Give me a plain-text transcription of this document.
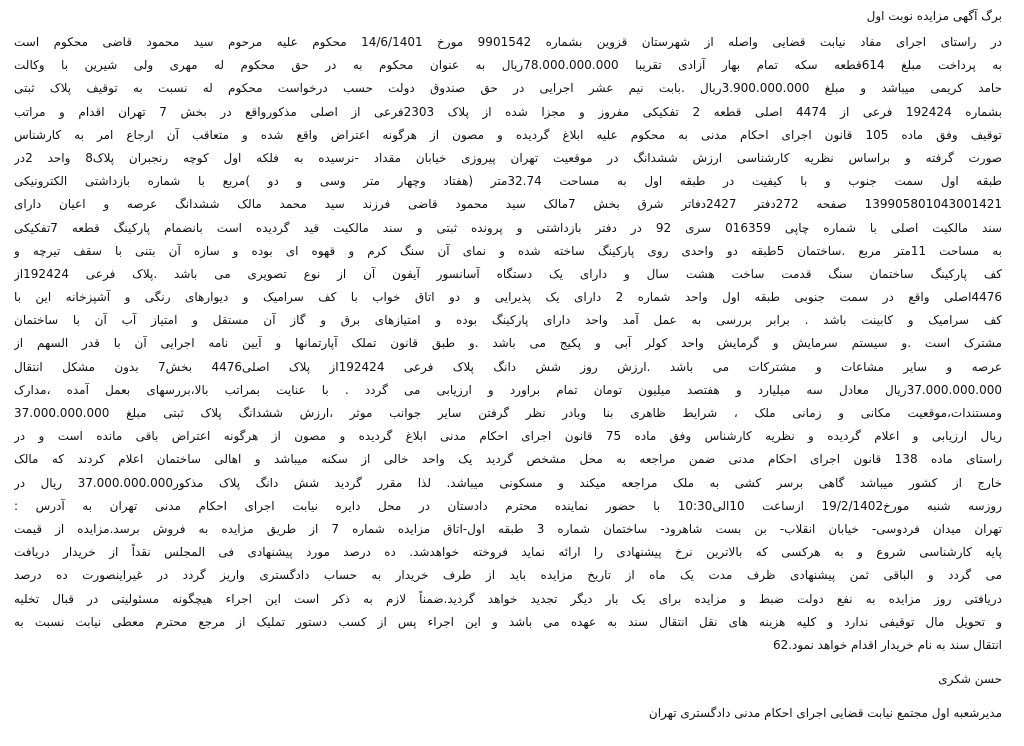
برگ آگهی مزایده نوبت اول
در راستای اجرای مفاد نیابت قضایی واصله از شهرستان قزوین بشماره 9901542 مورخ 14/6/1401 محکوم علیه مرحوم سید محمود قاضی محکوم است
به پرداخت مبلغ 614قطعه سکه تمام بهار آزادی تقریبا 78.000.000.000ریال به عنوان محکوم به در حق محکوم له مهری ولی شیرین با وکالت
حامد کریمی میباشد و مبلغ 3.900.000.000ریال .بابت نیم عشر اجرایی در حق صندوق دولت حسب درخواست محکوم له نسبت به توقیف پلاک ثبتی
بشماره 192424 فرعی از 4474 اصلی قطعه 2 تفکیکی مفروز و مجزا شده از پلاک 2303فرعی از اصلی مذکورواقع در بخش 7 تهران اقدام و مراتب
توقیف وفق ماده 105 قانون اجرای احکام مدنی به محکوم علیه ابلاغ گردیده و مصون از هرگونه اعتراض واقع شده و متعاقب آن ارجاع امر به کارشناس
صورت گرفته و براساس نظریه کارشناسی ارزش ششدانگ در موقعیت تهران پیروزی خیابان مقداد -نرسیده به فلکه اول کوچه رنجبران پلاک8 واحد 2در
طبقه اول سمت جنوب و با کیفیت در طبقه اول به مساحت 32.74متر (هفتاد وچهار متر وسی و دو )مربع با شماره بازداشتی الکترونیکی
139905801043001421 صفحه 272دفتر 2427دفاتر شرق بخش 7مالک سید محمود قاضی فرزند سید محمد مالک ششدانگ عرصه و اعیان دارای
سند مالکیت اصلی با شماره چاپی 016359 سری 92 در دفتر بازداشتی و پرونده ثبتی و سند مالکیت قید گردیده است بانضمام پارکینگ قطعه 7تفکیکی
به مساحت 11متر مربع .ساختمان 5طبقه دو واحدی روی پارکینگ ساخته شده و نمای آن سنگ کرم و قهوه ای بوده و سازه آن بتنی با سقف تیرچه و
کف پارکینگ ساختمان سنگ قدمت ساخت هشت سال و دارای یک دستگاه آسانسور آیفون آن از نوع تصویری می باشد .پلاک فرعی 192424از
4476اصلی واقع در سمت جنوبی طبقه اول واحد شماره 2 دارای یک پذیرایی و دو اتاق خواب با کف سرامیک و دیوارهای رنگی و آشپزخانه این با
کف سرامیک و کابینت باشد . برابر بررسی به عمل آمد واحد دارای پارکینگ بوده و امتیازهای برق و گاز آن مستقل و امتیاز آب آن با ساختمان
مشترک است .و سیستم سرمایش و گرمایش واحد کولر آبی و پکیج می باشد .و طبق قانون تملک آپارتمانها و آیین نامه اجرایی آن با قدر السهم از
عرصه و سایر مشاعات و مشترکات می باشد .ارزش روز شش دانگ پلاک فرعی 192424از پلاک اصلی4476 بخش7 بدون مشکل انتقال
37.000.000.000ریال معادل سه میلیارد و هفتصد میلیون تومان تمام براورد و ارزیابی می گردد . با عنایت بمراتب بالا،بررسهای بعمل آمده ،مدارک
ومستندات،موقعیت مکانی و زمانی ملک ، شرایط ظاهری بنا وبادر نظر گرفتن سایر جوانب موثر ،ارزش ششدانگ پلاک ثبتی مبلغ 37.000.000.000
ریال ارزیابی و اعلام گردیده و نظریه کارشناس وفق ماده 75 قانون اجرای احکام مدنی ابلاغ گردیده و مصون از هرگونه اعتراض باقی مانده است و در
راستای ماده 138 قانون اجرای احکام مدنی ضمن مراجعه به محل مشخص گردید یک واحد خالی از سکنه میباشد و اهالی ساختمان اعلام کردند که مالک
خارج از کشور میباشد گاهی برسر کشی به ملک مراجعه میکند و مسکونی میباشد. لذا مقرر گردید شش دانگ پلاک مذکور37.000.000.000 ریال در
روزسه شنبه مورخ19/2/1402 ازساعت 10الی10:30 با حضور نماینده محترم دادستان در محل دایره نیابت اجرای احکام مدنی تهران به آدرس :
تهران میدان فردوسی- خیابان انقلاب- بن بست شاهرود- ساختمان شماره 3 طبقه اول-اتاق مزایده شماره 7 از طریق مزایده به فروش برسد.مزایده از قیمت
پایه کارشناسی شروع و به هرکسی که بالاترین نرخ پیشنهادی را ارائه نماید فروخته خواهدشد. ده درصد مورد پیشنهادی فی المجلس نقداً از خریدار دریافت
می گردد و الباقی ثمن پیشنهادی ظرف مدت یک ماه از تاریخ مزایده باید از طرف خریدار به حساب دادگستری واریز گردد در غیراینصورت ده درصد
دریافتی روز مزایده به نفع دولت ضبط و مزایده برای یک بار دیگر تجدید خواهد گردید.ضمناً لازم به ذکر است این اجراء هیچگونه مسئولیتی در قبال تخلیه
و تحویل مال توقیفی ندارد و کلیه هزینه های نقل انتقال سند به عهده می باشد و این اجراء پس از کسب دستور تملیک از مرجع محترم معطی نیابت نسبت به
انتقال سند به نام خریدار اقدام خواهد نمود.62
حسن شکری
مدیرشعبه اول مجتمع نیابت قضایی اجرای احکام مدنی دادگستری تهران
